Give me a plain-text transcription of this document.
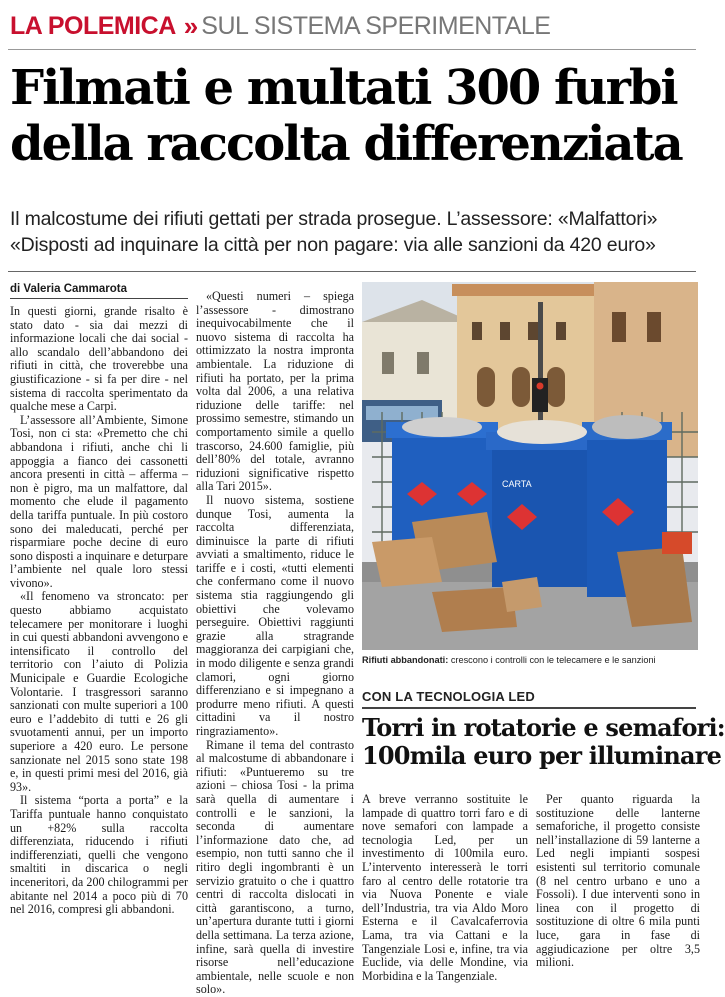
LA POLEMICA » SUL SISTEMA SPERIMENTALE
Filmati e multati 300 furbi
della raccolta differenziata
Il malcostume dei rifiuti gettati per strada prosegue. L’assessore: «Malfattori»
«Disposti ad inquinare la città per non pagare: via alle sanzioni da 420 euro»
di Valeria Cammarota

In questi giorni, grande risalto è stato dato - sia dai mezzi di informazione locali che dai social - allo scandalo dell’abbandono dei rifiuti in città, che troverebbe una giustificazione - si fa per dire - nel sistema di raccolta sperimentato da qualche mese a Carpi.

L’assessore all’Ambiente, Simone Tosi, non ci sta: «Premetto che chi abbandona i rifiuti, anche chi li appoggia a fianco dei cassonetti ancora presenti in città – afferma – non è pigro, ma un malfattore, dal momento che elude il pagamento della tariffa puntuale. In più costoro sono dei maleducati, perché per risparmiare poche decine di euro sono disposti a inquinare e deturpare l’ambiente nel quale loro stessi vivono».

«Il fenomeno va stroncato: per questo abbiamo acquistato telecamere per monitorare i luoghi in cui questi abbandoni avvengono e intensificato il controllo del territorio con l’aiuto di Polizia Municipale e Guardie Ecologiche Volontarie. I trasgressori saranno sanzionati con multe superiori a 100 euro e l’addebito di tutti e 26 gli svuotamenti annui, per un importo superiore a 420 euro. Le persone sanzionate nel 2015 sono state 198 e, in questi primi mesi del 2016, già 93».

Il sistema “porta a porta” e la Tariffa puntuale hanno conquistato un +82% sulla raccolta differenziata, riducendo i rifiuti indifferenziati, quelli che vengono smaltiti in discarica o negli inceneritori, da 200 chilogrammi per abitante nel 2014 a poco più di 70 nel 2016, compresi gli abbandoni.

«Questi numeri – spiega l’assessore - dimostrano inequivocabilmente che il nuovo sistema di raccolta ha ottimizzato la nostra impronta ambientale. La riduzione di rifiuti ha portato, per la prima volta dal 2006, a una relativa riduzione delle tariffe: nel prossimo semestre, stimando un comportamento simile a quello trascorso, 24.600 famiglie, più dell’80% del totale, avranno riduzioni significative rispetto alla Tari 2015».

Il nuovo sistema, sostiene dunque Tosi, aumenta la raccolta differenziata, diminuisce la parte di rifiuti avviati a smaltimento, riduce le tariffe e i costi, «tutti elementi che confermano come il nuovo sistema stia raggiungendo gli obiettivi che volevamo perseguire. Obiettivi raggiunti grazie alla stragrande maggioranza dei carpigiani che, in modo diligente e senza grandi clamori, ogni giorno differenziano e si impegnano a produrre meno rifiuti. A questi cittadini va il nostro ringraziamento».

Rimane il tema del contrasto al malcostume di abbandonare i rifiuti: «Puntueremo su tre azioni – chiosa Tosi - la prima sarà quella di aumentare i controlli e le sanzioni, la seconda di aumentare l’informazione dato che, ad esempio, non tutti sanno che il ritiro degli ingombranti è un servizio gratuito o che i quattro centri di raccolta dislocati in città garantiscono, a turno, un’apertura durante tutti i giorni della settimana. La terza azione, infine, sarà quella di investire risorse nell’educazione ambientale, nelle scuole e non solo».

CARTA
Rifiuti abbandonati: crescono i controlli con le telecamere e le sanzioni
CON LA TECNOLOGIA LED
Torri in rotatorie e semafori:
100mila euro per illuminare

A breve verranno sostituite le lampade di quattro torri faro e di nove semafori con lampade a tecnologia Led, per un investimento di 100mila euro. L’intervento interesserà le torri faro al centro delle rotatorie tra via Nuova Ponente e viale dell’Industria, tra via Aldo Moro Esterna e il Cavalcaferrovia Lama, tra via Cattani e la Tangenziale Losi e, infine, tra via Euclide, via delle Mondine, via Morbidina e la Tangenziale.

Per quanto riguarda la sostituzione delle lanterne semaforiche, il progetto consiste nell’installazione di 59 lanterne a Led negli impianti sospesi esistenti sul territorio comunale (8 nel centro urbano e uno a Fossoli). I due interventi sono in linea con il progetto di sostituzione di oltre 6 mila punti luce, gara in fase di aggiudicazione per oltre 3,5 milioni.
